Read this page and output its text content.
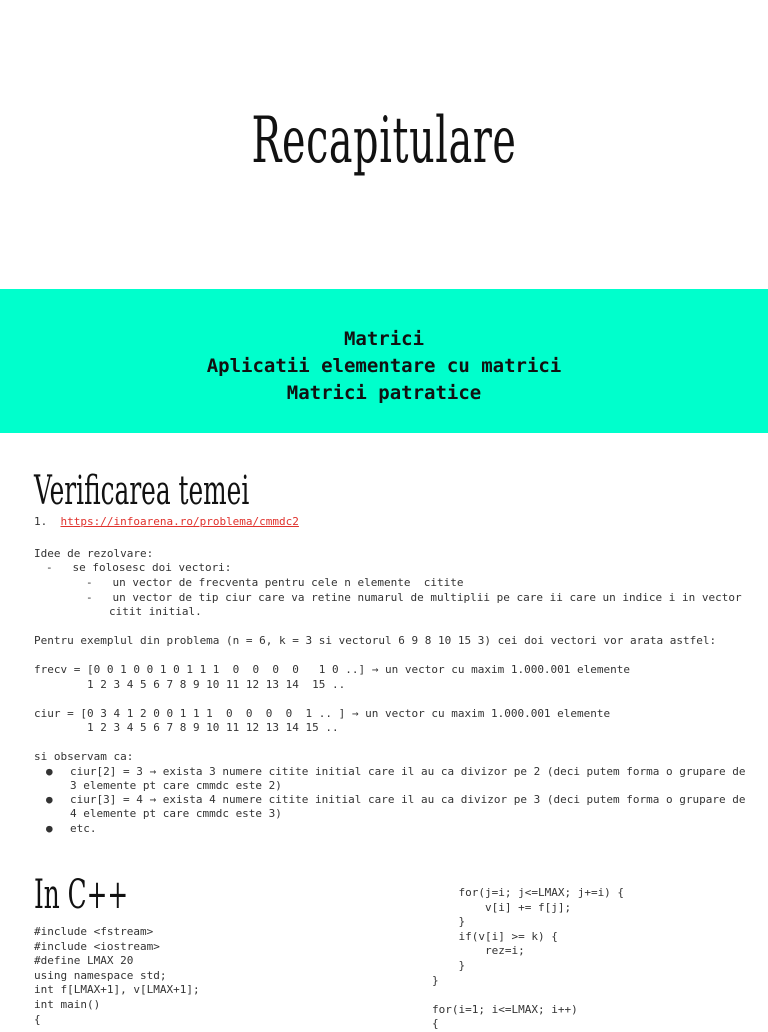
Recapitulare
Matrici
Aplicatii elementare cu matrici
Matrici patratice
Verificarea temei
1. https://infoarena.ro/problema/cmmdc2
Idee de rezolvare:
-   se folosesc doi vectori:
-   un vector de frecventa pentru cele n elemente  citite
-   un vector de tip ciur care va retine numarul de multiplii pe care ii care un indice i in vector
citit initial.
Pentru exemplul din problema (n = 6, k = 3 si vectorul 6 9 8 10 15 3) cei doi vectori vor arata astfel:
frecv = [0 0 1 0 0 1 0 1 1 1  0  0  0  0   1 0 ..] → un vector cu maxim 1.000.001 elemente
1 2 3 4 5 6 7 8 9 10 11 12 13 14  15 ..
ciur = [0 3 4 1 2 0 0 1 1 1  0  0  0  0  1 .. ] → un vector cu maxim 1.000.001 elemente
1 2 3 4 5 6 7 8 9 10 11 12 13 14 15 ..
si observam ca:
● ciur[2] = 3 → exista 3 numere citite initial care il au ca divizor pe 2 (deci putem forma o grupare de
3 elemente pt care cmmdc este 2)
● ciur[3] = 4 → exista 4 numere citite initial care il au ca divizor pe 3 (deci putem forma o grupare de
4 elemente pt care cmmdc este 3)
● etc.
In C++
#include <fstream>
#include <iostream>
#define LMAX 20
using namespace std;
int f[LMAX+1], v[LMAX+1];
int main()
{
for(j=i; j<=LMAX; j+=i) {
v[i] += f[j];
}
if(v[i] >= k) {
rez=i;
}
}

for(i=1; i<=LMAX; i++)
{
